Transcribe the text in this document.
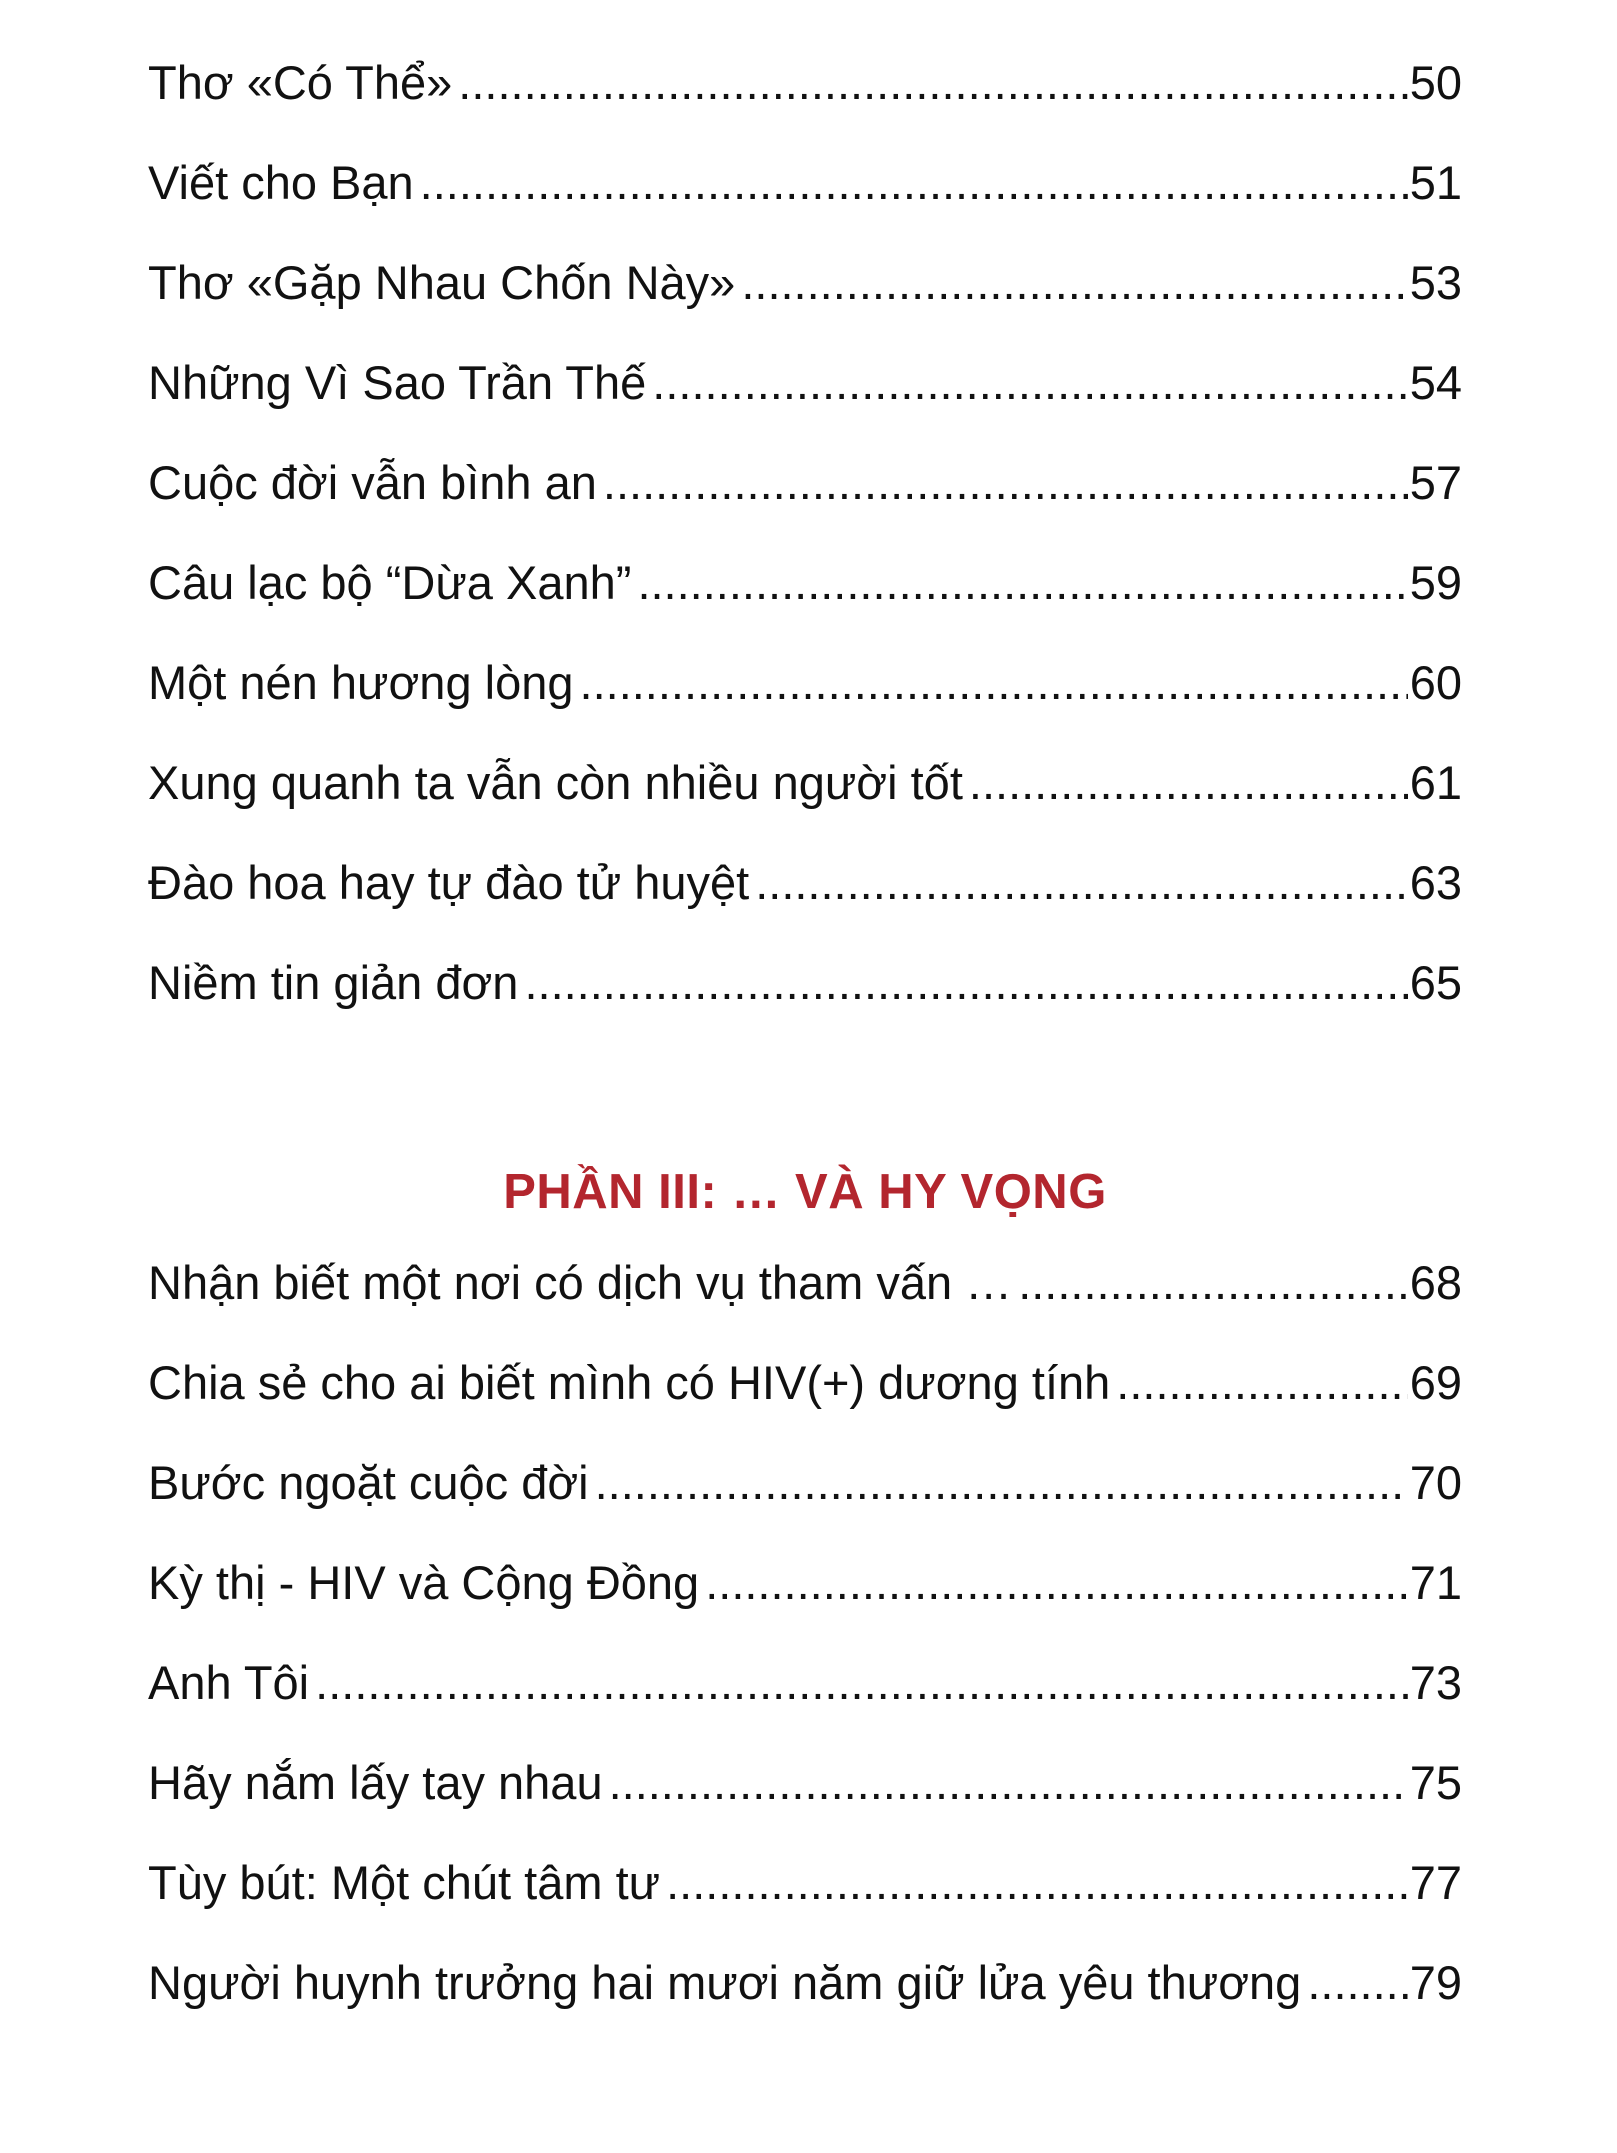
Thơ «Có Thể» .....	50
Viết cho Bạn .....	51
Thơ «Gặp Nhau Chốn Này» .....	53
Những Vì Sao Trần Thế .....	54
Cuộc đời vẫn bình an .....	57
Câu lạc bộ “Dừa Xanh” .....	59
Một nén hương lòng .....	60
Xung quanh ta vẫn còn nhiều người tốt .....	61
Đào hoa hay tự đào tử huyệt .....	63
Niềm tin giản đơn .....	65
PHẦN III: … VÀ HY VỌNG
Nhận biết một nơi có dịch vụ tham vấn … .....	68
Chia sẻ cho ai biết mình có HIV(+) dương tính .....	69
Bước ngoặt cuộc đời .....	70
Kỳ thị - HIV và Cộng Đồng .....	71
Anh Tôi .....	73
Hãy nắm lấy tay nhau .....	75
Tùy bút: Một chút tâm tư .....	77
Người huynh trưởng hai mươi năm giữ lửa yêu thương ..... 79
